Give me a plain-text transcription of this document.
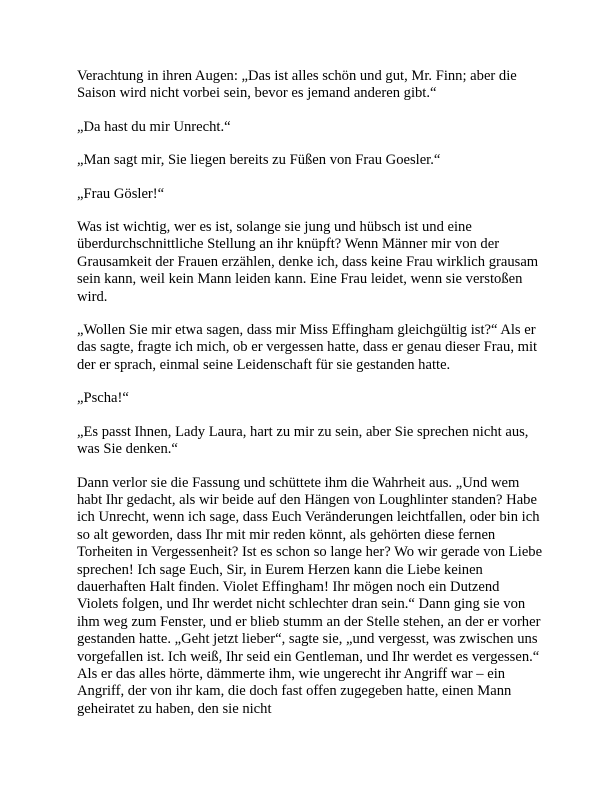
Verachtung in ihren Augen: „Das ist alles schön und gut, Mr. Finn; aber die Saison wird nicht vorbei sein, bevor es jemand anderen gibt.“

„Da hast du mir Unrecht.“

„Man sagt mir, Sie liegen bereits zu Füßen von Frau Goesler.“

„Frau Gösler!“

Was ist wichtig, wer es ist, solange sie jung und hübsch ist und eine überdurchschnittliche Stellung an ihr knüpft? Wenn Männer mir von der Grausamkeit der Frauen erzählen, denke ich, dass keine Frau wirklich grausam sein kann, weil kein Mann leiden kann. Eine Frau leidet, wenn sie verstoßen wird.

„Wollen Sie mir etwa sagen, dass mir Miss Effingham gleichgültig ist?“ Als er das sagte, fragte ich mich, ob er vergessen hatte, dass er genau dieser Frau, mit der er sprach, einmal seine Leidenschaft für sie gestanden hatte.

„Pscha!“

„Es passt Ihnen, Lady Laura, hart zu mir zu sein, aber Sie sprechen nicht aus, was Sie denken.“

Dann verlor sie die Fassung und schüttete ihm die Wahrheit aus. „Und wem habt Ihr gedacht, als wir beide auf den Hängen von Loughlinter standen? Habe ich Unrecht, wenn ich sage, dass Euch Veränderungen leichtfallen, oder bin ich so alt geworden, dass Ihr mit mir reden könnt, als gehörten diese fernen Torheiten in Vergessenheit? Ist es schon so lange her? Wo wir gerade von Liebe sprechen! Ich sage Euch, Sir, in Eurem Herzen kann die Liebe keinen dauerhaften Halt finden. Violet Effingham! Ihr mögen noch ein Dutzend Violets folgen, und Ihr werdet nicht schlechter dran sein.“ Dann ging sie von ihm weg zum Fenster, und er blieb stumm an der Stelle stehen, an der er vorher gestanden hatte. „Geht jetzt lieber“, sagte sie, „und vergesst, was zwischen uns vorgefallen ist. Ich weiß, Ihr seid ein Gentleman, und Ihr werdet es vergessen.“ Als er das alles hörte, dämmerte ihm, wie ungerecht ihr Angriff war – ein Angriff, der von ihr kam, die doch fast offen zugegeben hatte, einen Mann geheiratet zu haben, den sie nicht
